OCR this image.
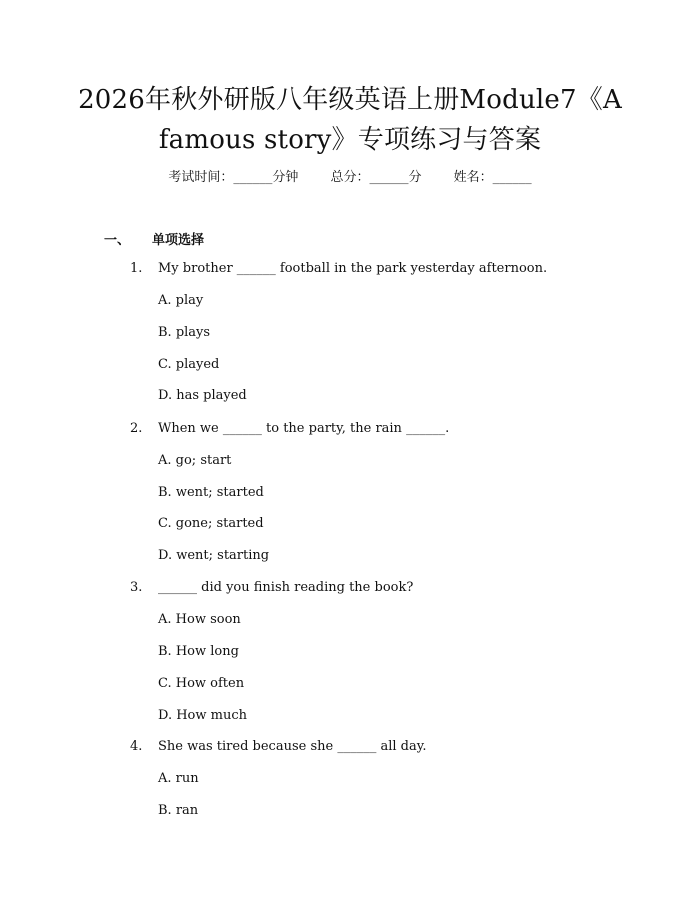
2026年秋外研版八年级英语上册Module7《A
famous story》专项练习与答案
考试时间：______分钟 总分：______分 姓名：______
一、 单项选择
1. My brother ______ football in the park yesterday afternoon.
A. play
B. plays
C. played
D. has played
2. When we ______ to the party, the rain ______.
A. go; start
B. went; started
C. gone; started
D. went; starting
3. ______ did you finish reading the book?
A. How soon
B. How long
C. How often
D. How much
4. She was tired because she ______ all day.
A. run
B. ran
